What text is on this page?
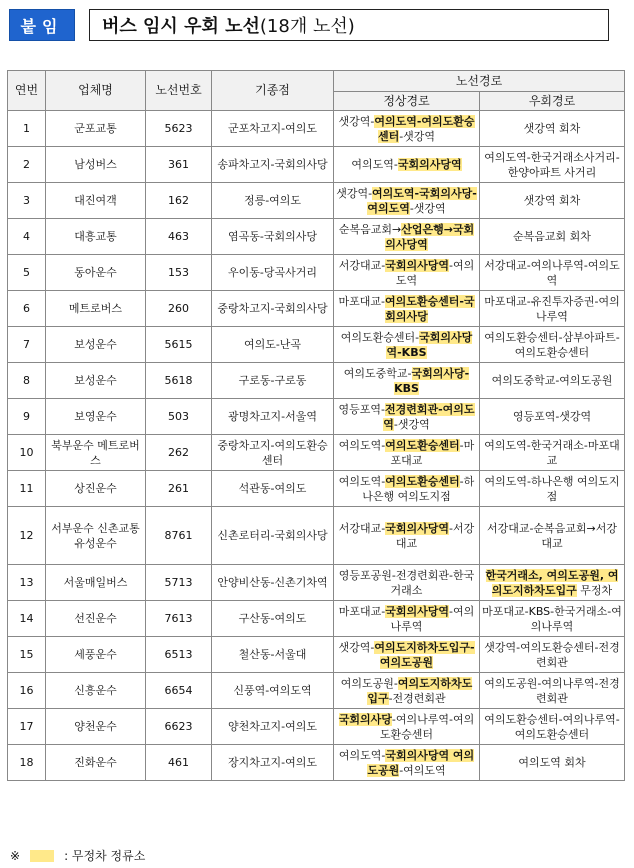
붙임	버스 임시 우회 노선 (18개 노선)
연번	업체명	노선번호	기종점	노선경로	
				정상경로	우회경로
1	군포교통	5623	군포차고지-여의도	샛강역-여의도역-여의도환승센터-샛강역	샛강역 회차
2	남성버스	361	송파차고지-국회의사당	여의도역-국회의사당역	여의도역-한국거래소사거리-한양아파트 사거리
3	대진여객	162	정릉-여의도	샛강역-여의도역-국회의사당-여의도역-샛강역	샛강역 회차
4	대흥교통	463	염곡동-국회의사당	순복음교회→산업은행→국회의사당역	순복음교회 회차
5	동아운수	153	우이동-당곡사거리	서강대교-국회의사당역-여의도역	서강대교-여의나루역-여의도역
6	메트로버스	260	중랑차고지-국회의사당	마포대교-여의도환승센터-국회의사당	마포대교-유진투자증권-여의나루역
7	보성운수	5615	여의도-난곡	여의도환승센터-국회의사당역-KBS	여의도환승센터-삼부아파트-여의도환승센터
8	보성운수	5618	구로동-구로동	여의도중학교-국회의사당-KBS	여의도중학교-여의도공원
9	보영운수	503	광명차고지-서울역	영등포역-전경련회관-여의도역-샛강역	영등포역-샛강역
10	북부운수 메트로버스	262	중랑차고지-여의도환승센터	여의도역-여의도환승센터-마포대교	여의도역-한국거래소-마포대교
11	상진운수	261	석관동-여의도	여의도역-여의도환승센터-하나은행 여의도지점	여의도역-하나은행 여의도지점
12	서부운수 신촌교통 유성운수	8761	신촌로터리-국회의사당	서강대교-국회의사당역-서강대교	서강대교-순복음교회→서강대교
13	서울매일버스	5713	안양비산동-신촌기차역	영등포공원-전경련회관-한국거래소	한국거래소, 여의도공원, 여의도지하차도입구 무정차
14	선진운수	7613	구산동-여의도	마포대교-국회의사당역-여의나루역	마포대교-KBS-한국거래소-여의나루역
15	세풍운수	6513	철산동-서울대	샛강역-여의도지하차도입구-여의도공원	샛강역-여의도환승센터-전경련회관
16	신흥운수	6654	신풍역-여의도역	여의도공원-여의도지하차도입구-전경련회관	여의도공원-여의나루역-전경련회관
17	양천운수	6623	양천차고지-여의도	국회의사당-여의나루역-여의도환승센터	여의도환승센터-여의나루역-여의도환승센터
18	진화운수	461	장지차고지-여의도	여의도역-국회의사당역 여의도공원-여의도역	여의도역 회차
※	: 무정차 정류소
